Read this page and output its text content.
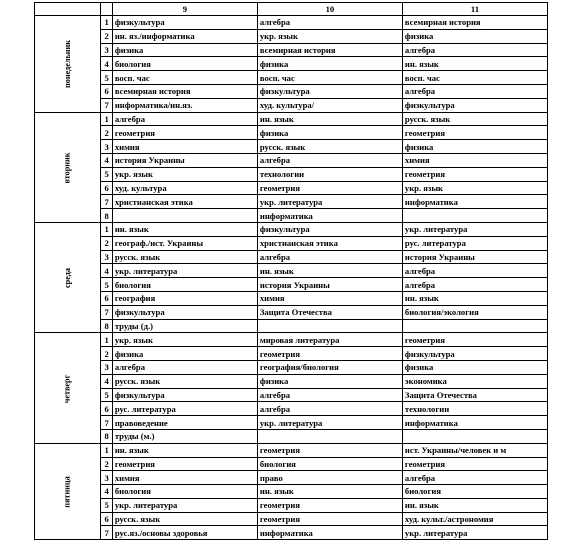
		9	10	11
понедельник	1	физкультура	алгебра	всемирная история
	2	ин. яз./информатика	укр. язык	физика
	3	физика	всемирная история	алгебра
	4	биология	физика	ин. язык
	5	восп. час	восп. час	восп. час
	6	всемирная история	физкультура	алгебра
	7	информатика/ин.яз.	худ. культура/	физкультура
вторник	1	алгебра	ин. язык	русск. язык
	2	геометрия	физика	геометрия
	3	химия	русск. язык	физика
	4	история Украины	алгебра	химия
	5	укр. язык	технологии	геометрия
	6	худ. культура	геометрия	укр. язык
	7	христианская этика	укр. литература	информатика
	8		информатика	
среда	1	ин. язык	физкультура	укр. литература
	2	географ./ист. Украины	христианская этика	рус. литература
	3	русск. язык	алгебра	история Украины
	4	укр. литература	ин. язык	алгебра
	5	биология	история Украины	алгебра
	6	география	химия	ин. язык
	7	физкультура	Защита Отечества	биология/экология
	8	труды (д.)		
четверг	1	укр. язык	мировая литература	геометрия
	2	физика	геометрия	физкультура
	3	алгебра	география/биология	физика
	4	русск. язык	физика	экономика
	5	физкультура	алгебра	Защита Отечества
	6	рус. литература	алгебра	технологии
	7	правоведение	укр. литература	информатика
	8	труды (м.)		
пятница	1	ин. язык	геометрия	ист. Украины/человек и м
	2	геометрия	биология	геометрия
	3	химия	право	алгебра
	4	биология	ин. язык	биология
	5	укр. литература	геометрия	ин. язык
	6	русск. язык	геометрия	худ. культ./астрономия
	7	рус.яз./основы здоровья	информатика	укр. литература
